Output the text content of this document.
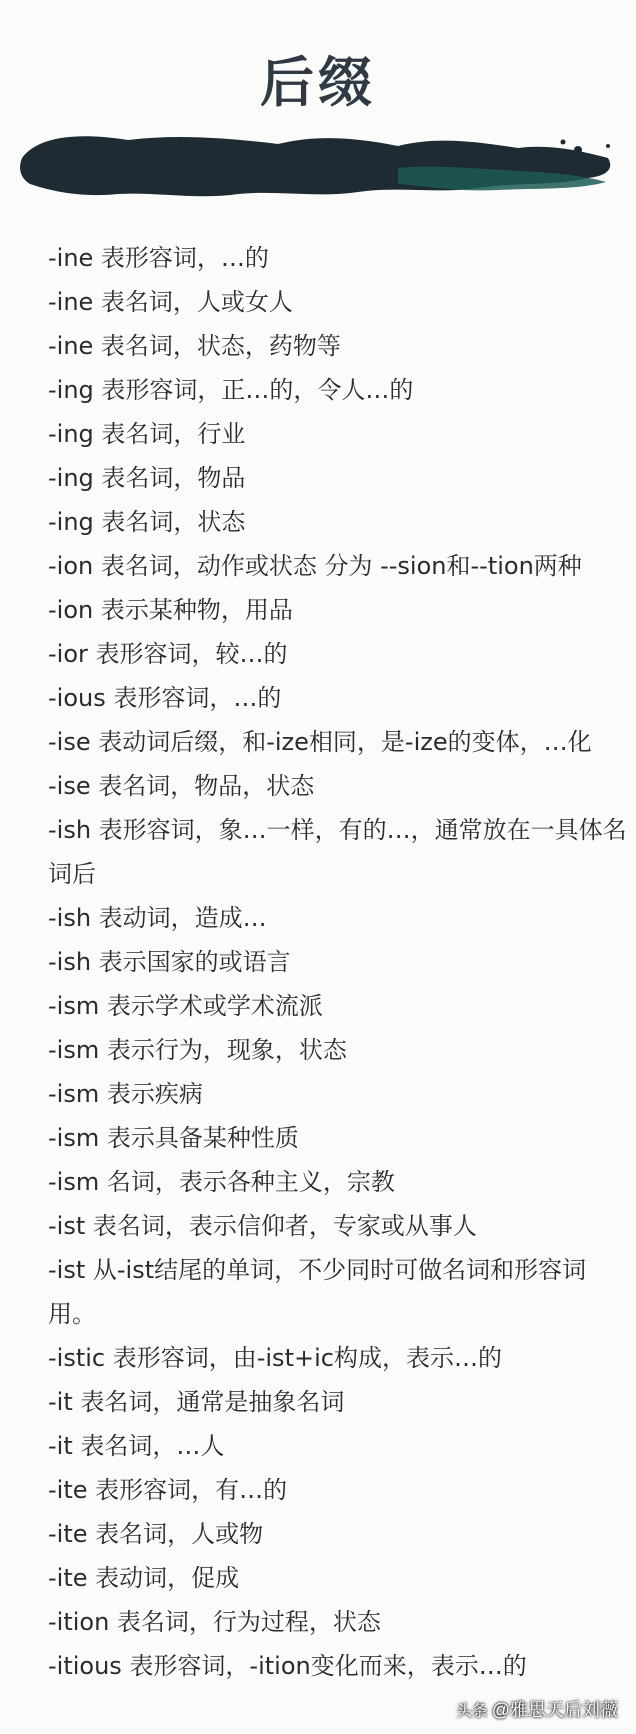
后缀
-ine 表形容词，…的
-ine 表名词，人或女人
-ine 表名词，状态，药物等
-ing 表形容词，正…的，令人…的
-ing 表名词，行业
-ing 表名词，物品
-ing 表名词，状态
-ion 表名词，动作或状态 分为 --sion和--tion两种
-ion 表示某种物，用品
-ior 表形容词，较…的
-ious 表形容词，…的
-ise 表动词后缀，和-ize相同，是-ize的变体，…化
-ise 表名词，物品，状态
-ish 表形容词，象…一样，有的…，通常放在一具体名词后
-ish 表动词，造成…
-ish 表示国家的或语言
-ism 表示学术或学术流派
-ism 表示行为，现象，状态
-ism 表示疾病
-ism 表示具备某种性质
-ism 名词，表示各种主义，宗教
-ist 表名词，表示信仰者，专家或从事人
-ist 从-ist结尾的单词，不少同时可做名词和形容词用。
-istic 表形容词，由-ist+ic构成，表示…的
-it 表名词，通常是抽象名词
-it 表名词，…人
-ite 表形容词，有…的
-ite 表名词，人或物
-ite 表动词，促成
-ition 表名词，行为过程，状态
-itious 表形容词，-ition变化而来，表示…的
头条 @雅思天后刘薇
